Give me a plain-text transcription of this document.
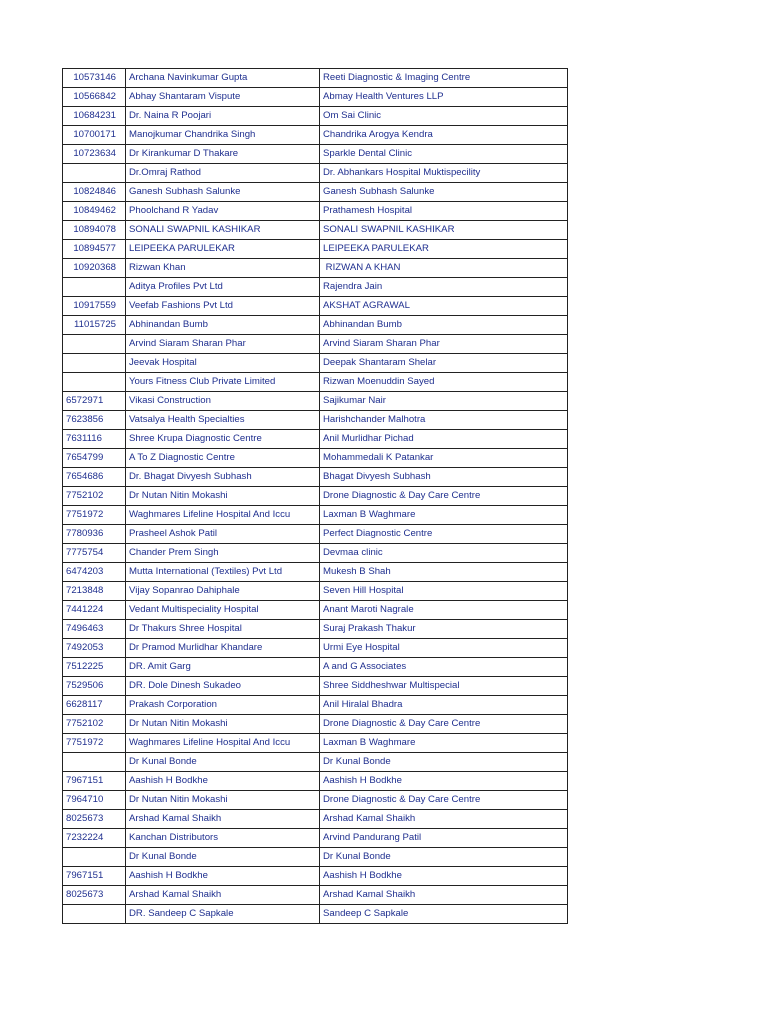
10573146	Archana Navinkumar Gupta	Reeti Diagnostic & Imaging Centre
10566842	Abhay Shantaram Vispute	Abmay Health Ventures LLP
10684231	Dr. Naina R Poojari	Om Sai Clinic
10700171	Manojkumar Chandrika Singh	Chandrika Arogya Kendra
10723634	Dr Kirankumar D Thakare	Sparkle Dental Clinic
	Dr.Omraj Rathod	Dr. Abhankars Hospital Muktispecility
10824846	Ganesh Subhash Salunke	Ganesh Subhash Salunke
10849462	Phoolchand R Yadav	Prathamesh Hospital
10894078	SONALI SWAPNIL KASHIKAR	SONALI SWAPNIL KASHIKAR
10894577	LEIPEEKA PARULEKAR	LEIPEEKA PARULEKAR
10920368	Rizwan Khan	RIZWAN A KHAN
	Aditya Profiles Pvt Ltd	Rajendra Jain
10917559	Veefab Fashions Pvt Ltd	AKSHAT AGRAWAL
11015725	Abhinandan Bumb	Abhinandan Bumb
	Arvind Siaram Sharan Phar	Arvind Siaram Sharan Phar
	Jeevak Hospital	Deepak Shantaram Shelar
	Yours Fitness Club Private Limited	Rizwan Moenuddin Sayed
6572971	Vikasi Construction	Sajikumar Nair
7623856	Vatsalya Health Specialties	Harishchander Malhotra
7631116	Shree Krupa Diagnostic Centre	Anil Murlidhar Pichad
7654799	A To Z Diagnostic Centre	Mohammedali K Patankar
7654686	Dr. Bhagat Divyesh Subhash	Bhagat Divyesh Subhash
7752102	Dr Nutan Nitin Mokashi	Drone Diagnostic & Day Care Centre
7751972	Waghmares Lifeline Hospital And Iccu	Laxman B Waghmare
7780936	Prasheel Ashok Patil	Perfect Diagnostic Centre
7775754	Chander Prem Singh	Devmaa clinic
6474203	Mutta International (Textiles) Pvt Ltd	Mukesh B Shah
7213848	Vijay Sopanrao Dahiphale	Seven Hill Hospital
7441224	Vedant Multispeciality Hospital	Anant Maroti Nagrale
7496463	Dr Thakurs Shree Hospital	Suraj Prakash Thakur
7492053	Dr Pramod Murlidhar Khandare	Urmi Eye Hospital
7512225	DR. Amit Garg	A and G Associates
7529506	DR. Dole Dinesh Sukadeo	Shree Siddheshwar Multispecial
6628117	Prakash Corporation	Anil Hiralal Bhadra
7752102	Dr Nutan Nitin Mokashi	Drone Diagnostic & Day Care Centre
7751972	Waghmares Lifeline Hospital And Iccu	Laxman B Waghmare
	Dr Kunal Bonde	Dr Kunal Bonde
7967151	Aashish H Bodkhe	Aashish H Bodkhe
7964710	Dr Nutan Nitin Mokashi	Drone Diagnostic & Day Care Centre
8025673	Arshad Kamal Shaikh	Arshad Kamal Shaikh
7232224	Kanchan Distributors	Arvind Pandurang Patil
	Dr Kunal Bonde	Dr Kunal Bonde
7967151	Aashish H Bodkhe	Aashish H Bodkhe
8025673	Arshad Kamal Shaikh	Arshad Kamal Shaikh
	DR. Sandeep C Sapkale	Sandeep C Sapkale
